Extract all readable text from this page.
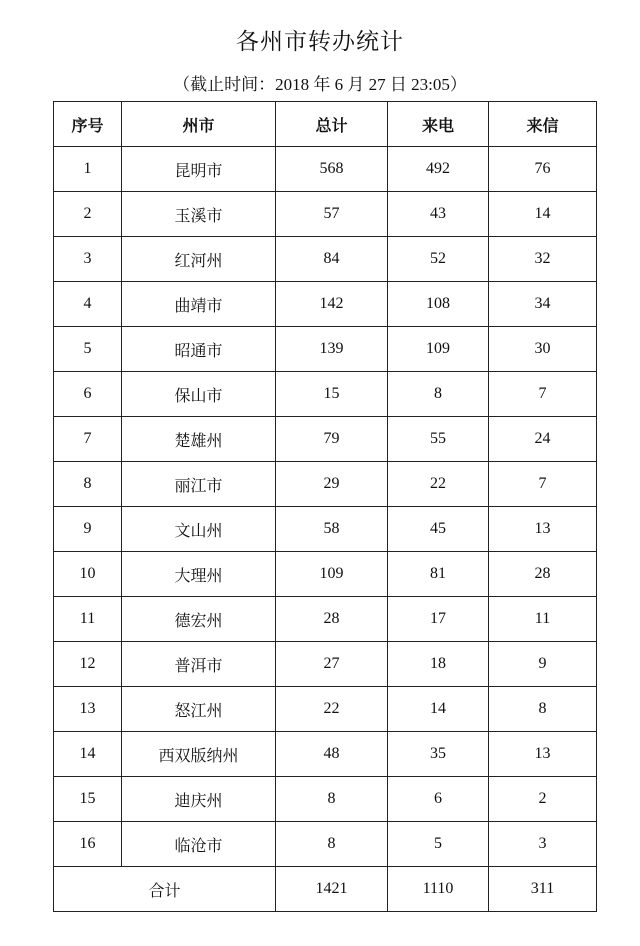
各州市转办统计
（截止时间：2018 年 6 月 27 日 23:05）
序号	州市	总计	来电	来信
1	昆明市	568	492	76
2	玉溪市	57	43	14
3	红河州	84	52	32
4	曲靖市	142	108	34
5	昭通市	139	109	30
6	保山市	15	8	7
7	楚雄州	79	55	24
8	丽江市	29	22	7
9	文山州	58	45	13
10	大理州	109	81	28
11	德宏州	28	17	11
12	普洱市	27	18	9
13	怒江州	22	14	8
14	西双版纳州	48	35	13
15	迪庆州	8	6	2
16	临沧市	8	5	3
合计		1421	1110	311
